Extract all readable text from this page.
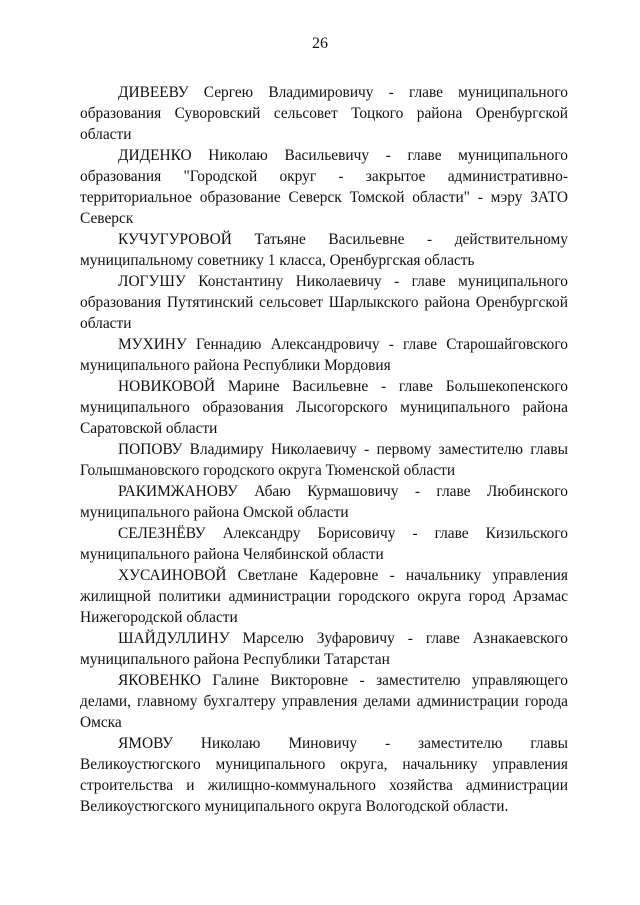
26

ДИВЕЕВУ Сергею Владимировичу - главе муниципального образования Суворовский сельсовет Тоцкого района Оренбургской области

ДИДЕНКО Николаю Васильевичу - главе муниципального образования "Городской округ - закрытое административно-территориальное образование Северск Томской области" - мэру ЗАТО Северск

КУЧУГУРОВОЙ Татьяне Васильевне - действительному муниципальному советнику 1 класса, Оренбургская область

ЛОГУШУ Константину Николаевичу - главе муниципального образования Путятинский сельсовет Шарлыкского района Оренбургской области

МУХИНУ Геннадию Александровичу - главе Старошайговского муниципального района Республики Мордовия

НОВИКОВОЙ Марине Васильевне - главе Большекопенского муниципального образования Лысогорского муниципального района Саратовской области

ПОПОВУ Владимиру Николаевичу - первому заместителю главы Голышмановского городского округа Тюменской области

РАКИМЖАНОВУ Абаю Курмашовичу - главе Любинского муниципального района Омской области

СЕЛЕЗНЁВУ Александру Борисовичу - главе Кизильского муниципального района Челябинской области

ХУСАИНОВОЙ Светлане Кадеровне - начальнику управления жилищной политики администрации городского округа город Арзамас Нижегородской области

ШАЙДУЛЛИНУ Марселю Зуфаровичу - главе Азнакаевского муниципального района Республики Татарстан

ЯКОВЕНКО Галине Викторовне - заместителю управляющего делами, главному бухгалтеру управления делами администрации города Омска

ЯМОВУ Николаю Миновичу - заместителю главы Великоустюгского муниципального округа, начальнику управления строительства и жилищно-коммунального хозяйства администрации Великоустюгского муниципального округа Вологодской области.
